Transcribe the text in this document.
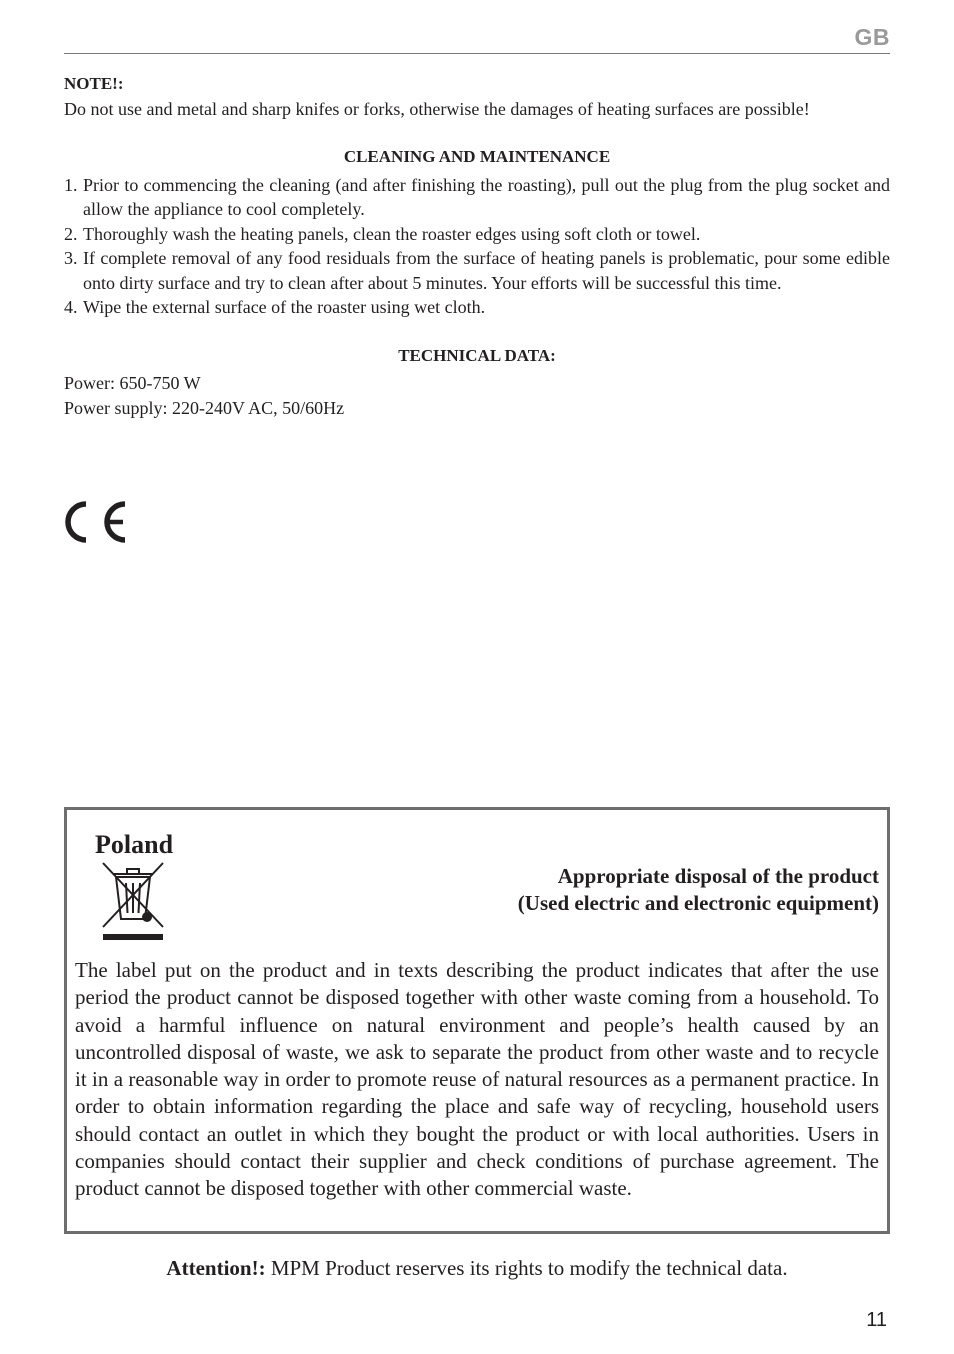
GB
NOTE!:
Do not use and metal and sharp knifes or forks, otherwise the damages of heating surfaces are possible!
CLEANING AND MAINTENANCE
1. Prior to commencing the cleaning (and after finishing the roasting), pull out the plug from the plug socket and allow the appliance to cool completely.
2. Thoroughly wash the heating panels, clean the roaster edges using soft cloth or towel.
3. If complete removal of any food residuals from the surface of heating panels is problematic, pour some edible onto dirty surface and try to clean after about 5 minutes. Your efforts will be successful this time.
4. Wipe the external surface of the roaster using wet cloth.
TECHNICAL DATA:
Power: 650-750 W
Power supply: 220-240V AC, 50/60Hz
Poland
Appropriate disposal of the product
(Used electric and electronic equipment)
The label put on the product and in texts describing the product indicates that after the use period the product cannot be disposed together with other waste coming from a household. To avoid a harmful influence on natural environment and people’s health caused by an uncontrolled disposal of waste, we ask to separate the product from other waste and to recycle it in a reasonable way in order to promote reuse of natural resources as a permanent practice. In order to obtain information regarding the place and safe way of recycling, household users should contact an outlet in which they bought the product or with local authorities. Users in companies should contact their supplier and check conditions of purchase agreement. The product cannot be disposed together with other commercial waste.
Attention!: MPM Product reserves its rights to modify the technical data.
11
